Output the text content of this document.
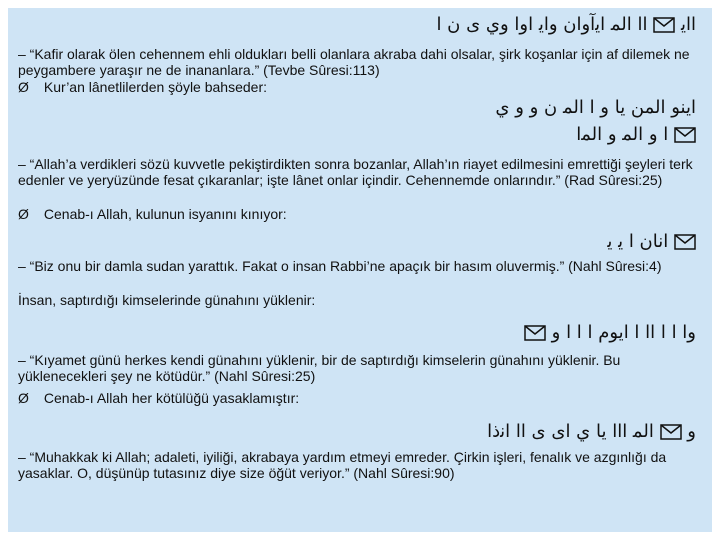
ﺍﺍﻳ  ﺍﺍ ﺍﻟﻤ ﺍﻳآﻭﺍﻥ ﻭﺍﻳ ﺍﻭﺍ ﻭﻱ ﻯ ﻥ ﺍ
– “Kafir olarak ölen cehennem ehli oldukları belli olanlara akraba dahi olsalar, şirk koşanlar için af dilemek ne peygambere yaraşır ne de inananlara.” (Tevbe Sûresi:113)
Ø Kur’an lânetlilerden şöyle bahseder:
ﺍﻳﻨﻮ ﺍﻟﻤﻦ ﻳﺎ ﻭ ﺍ ﺍﻟﻤ ﻥ ﻭ ﻭ ﻱ
ﺍ ﻭ ﺍﻟﻤ ﻭ ﺍﻟﻤﺍ
– “Allah’a verdikleri sözü kuvvetle pekiştirdikten sonra bozanlar, Allah’ın riayet edilmesini emrettiği şeyleri terk edenler ve yeryüzünde fesat çıkaranlar; işte lânet onlar içindir. Cehennemde onlarındır.” (Rad Sûresi:25)
Ø Cenab-ı Allah, kulunun isyanını kınıyor:
ﺍﻧﺎﻥ ﺍ ﻳ ﻳ
– “Biz onu bir damla sudan yarattık. Fakat o insan Rabbi’ne apaçık bir hasım oluvermiş.” (Nahl Sûresi:4)
İnsan, saptırdığı kimselerinde günahını yüklenir:
ﻭﺍ ﺍ ﺍ ﺍﺍ ﺍ ﺍﻳﻮﻡ ﺍ ﺍ ﺍ ﻭ
– “Kıyamet günü herkes kendi günahını yüklenir, bir de saptırdığı kimselerin günahını yüklenir. Bu yüklenecekleri şey ne kötüdür.” (Nahl Sûresi:25)
Ø Cenab-ı Allah her kötülüğü yasaklamıştır:
ﻭ  ﺍﻟﻤ ﺍﺍﺍ ﻳﺎ ﻱ ﺍﻯ ﻯ ﺍﺍ ﺍﻧﺫﺍ
– “Muhakkak ki Allah; adaleti, iyiliği, akrabaya yardım etmeyi emreder. Çirkin işleri, fenalık ve azgınlığı da yasaklar. O, düşünüp tutasınız diye size öğüt veriyor.” (Nahl Sûresi:90)
